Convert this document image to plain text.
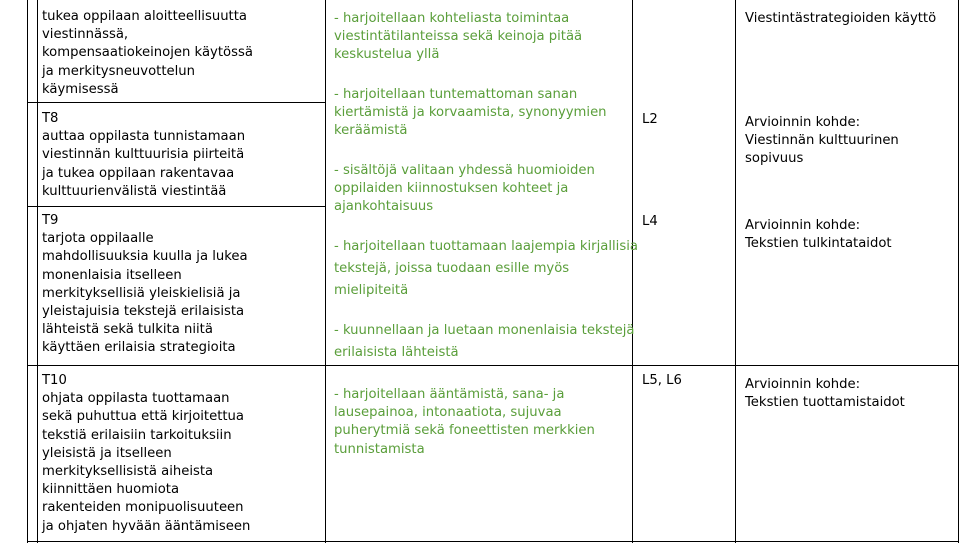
tukea oppilaan aloitteellisuutta
viestinnässä,
kompensaatiokeinojen käytössä
ja merkitysneuvottelun
käymisessä
T8
auttaa oppilasta tunnistamaan
viestinnän kulttuurisia piirteitä
ja tukea oppilaan rakentavaa
kulttuurienvälistä viestintää
T9
tarjota oppilaalle
mahdollisuuksia kuulla ja lukea
monenlaisia itselleen
merkityksellisiä yleiskielisiä ja
yleistajuisia tekstejä erilaisista
lähteistä sekä tulkita niitä
käyttäen erilaisia strategioita
T10
ohjata oppilasta tuottamaan
sekä puhuttua että kirjoitettua
tekstiä erilaisiin tarkoituksiin
yleisistä ja itselleen
merkityksellisistä aiheista
kiinnittäen huomiota
rakenteiden monipuolisuuteen
ja ohjaten hyvään ääntämiseen
- harjoitellaan kohteliasta toimintaa
viestintätilanteissa sekä keinoja pitää
keskustelua yllä
- harjoitellaan tuntemattoman sanan
kiertämistä ja korvaamista, synonyymien
keräämistä
- sisältöjä valitaan yhdessä huomioiden
oppilaiden kiinnostuksen kohteet ja
ajankohtaisuus
- harjoitellaan tuottamaan laajempia kirjallisia
tekstejä, joissa tuodaan esille myös
mielipiteitä
- kuunnellaan ja luetaan monenlaisia tekstejä
erilaisista lähteistä
- harjoitellaan ääntämistä, sana- ja
lausepainoa, intonaatiota, sujuvaa
puherytmiä sekä foneettisten merkkien
tunnistamista
L2
L4
L5, L6
Viestintästrategioiden käyttö
Arvioinnin kohde:
Viestinnän kulttuurinen
sopivuus
Arvioinnin kohde:
Tekstien tulkintataidot
Arvioinnin kohde:
Tekstien tuottamistaidot
